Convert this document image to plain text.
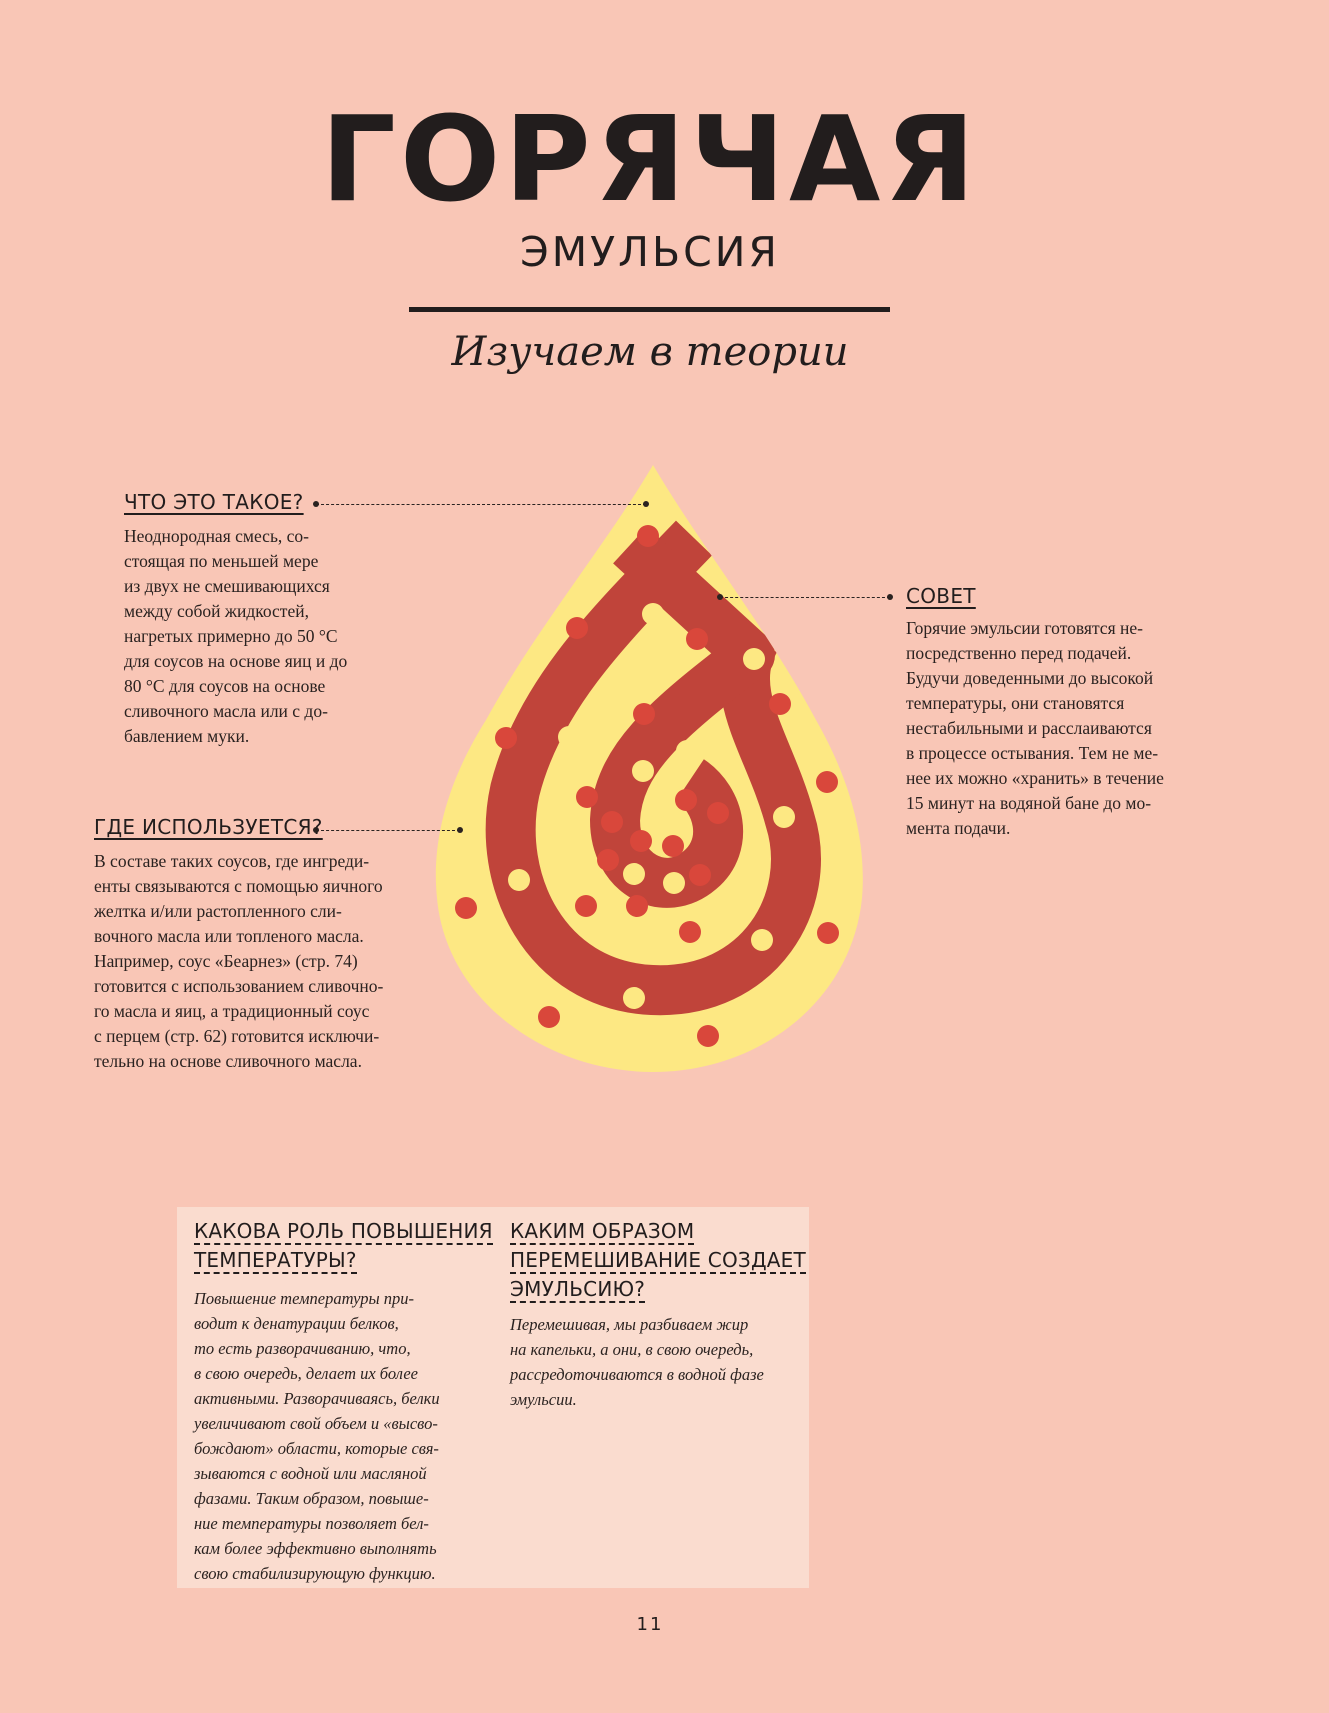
ГОРЯЧАЯ
ЭМУЛЬСИЯ
Изучаем в теории
ЧТО ЭТО ТАКОЕ?
Неоднородная смесь, со-
стоящая по меньшей мере
из двух не смешивающихся
между собой жидкостей,
нагретых примерно до 50 °С
для соусов на основе яиц и до
80 °С для соусов на основе
сливочного масла или с до-
бавлением муки.
ГДЕ ИСПОЛЬЗУЕТСЯ?
В составе таких соусов, где ингреди-
енты связываются с помощью яичного
желтка и/или растопленного сли-
вочного масла или топленого масла.
Например, соус «Беарнез» (стр. 74)
готовится с использованием сливочно-
го масла и яиц, а традиционный соус
с перцем (стр. 62) готовится исключи-
тельно на основе сливочного масла.
СОВЕТ
Горячие эмульсии готовятся не-
посредственно перед подачей.
Будучи доведенными до высокой
температуры, они становятся
нестабильными и расслаиваются
в процессе остывания. Тем не ме-
нее их можно «хранить» в течение
15 минут на водяной бане до мо-
мента подачи.
КАКОВА РОЛЬ ПОВЫШЕНИЯ
ТЕМПЕРАТУРЫ?
Повышение температуры при-
водит к денатурации белков,
то есть разворачиванию, что,
в свою очередь, делает их более
активными. Разворачиваясь, белки
увеличивают свой объем и «высво-
бождают» области, которые свя-
зываются с водной или масляной
фазами. Таким образом, повыше-
ние температуры позволяет бел-
кам более эффективно выполнять
свою стабилизирующую функцию.
КАКИМ ОБРАЗОМ
ПЕРЕМЕШИВАНИЕ СОЗДАЕТ
ЭМУЛЬСИЮ?
Перемешивая, мы разбиваем жир
на капельки, а они, в свою очередь,
рассредоточиваются в водной фазе
эмульсии.
11
